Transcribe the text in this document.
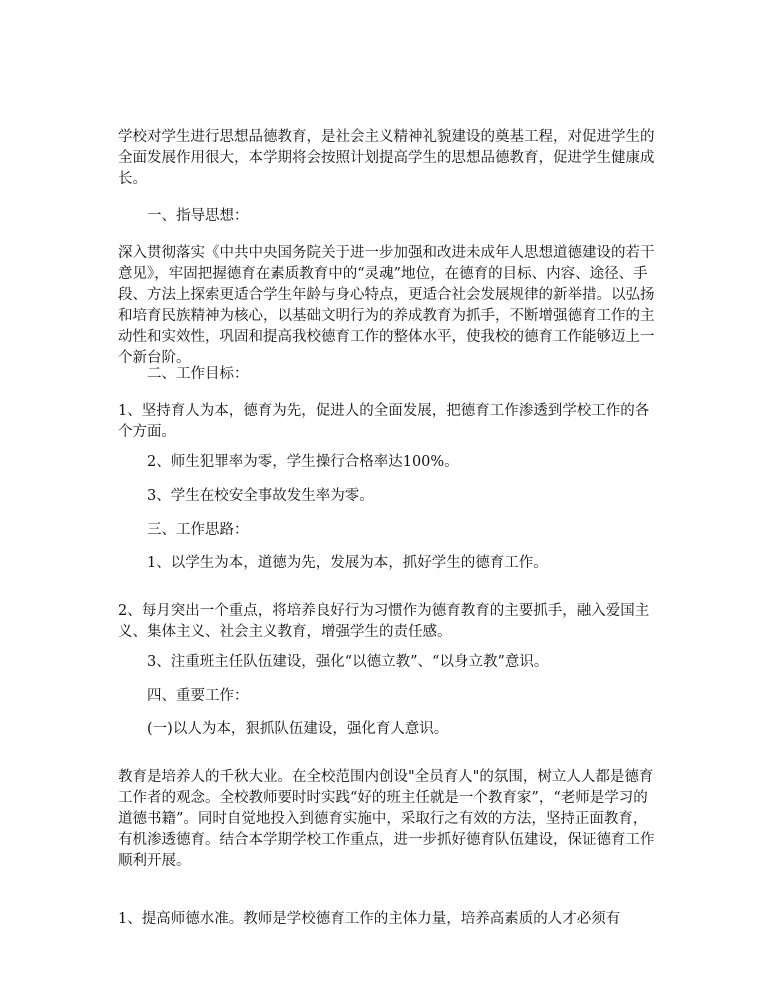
学校对学生进行思想品德教育，是社会主义精神礼貌建设的奠基工程，对促进学生的全面发展作用很大，本学期将会按照计划提高学生的思想品德教育，促进学生健康成长。

一、指导思想：

深入贯彻落实《中共中央国务院关于进一步加强和改进未成年人思想道德建设的若干意见》，牢固把握德育在素质教育中的“灵魂”地位，在德育的目标、内容、途径、手段、方法上探索更适合学生年龄与身心特点，更适合社会发展规律的新举措。以弘扬和培育民族精神为核心，以基础文明行为的养成教育为抓手，不断增强德育工作的主动性和实效性，巩固和提高我校德育工作的整体水平，使我校的德育工作能够迈上一个新台阶。

二、工作目标：

1、坚持育人为本，德育为先，促进人的全面发展，把德育工作渗透到学校工作的各个方面。

2、师生犯罪率为零，学生操行合格率达100%。

3、学生在校安全事故发生率为零。

三、工作思路：

1、以学生为本，道德为先，发展为本，抓好学生的德育工作。

2、每月突出一个重点，将培养良好行为习惯作为德育教育的主要抓手，融入爱国主义、集体主义、社会主义教育，增强学生的责任感。

3、注重班主任队伍建设，强化“以德立教”、“以身立教”意识。

四、重要工作：

(一)以人为本，狠抓队伍建设，强化育人意识。

教育是培养人的千秋大业。在全校范围内创设"全员育人"的氛围，树立人人都是德育工作者的观念。全校教师要时时实践“好的班主任就是一个教育家”，“老师是学习的道德书籍”。同时自觉地投入到德育实施中，采取行之有效的方法，坚持正面教育，有机渗透德育。结合本学期学校工作重点，进一步抓好德育队伍建设，保证德育工作顺利开展。

1、提高师德水准。教师是学校德育工作的主体力量，培养高素质的人才必须有
